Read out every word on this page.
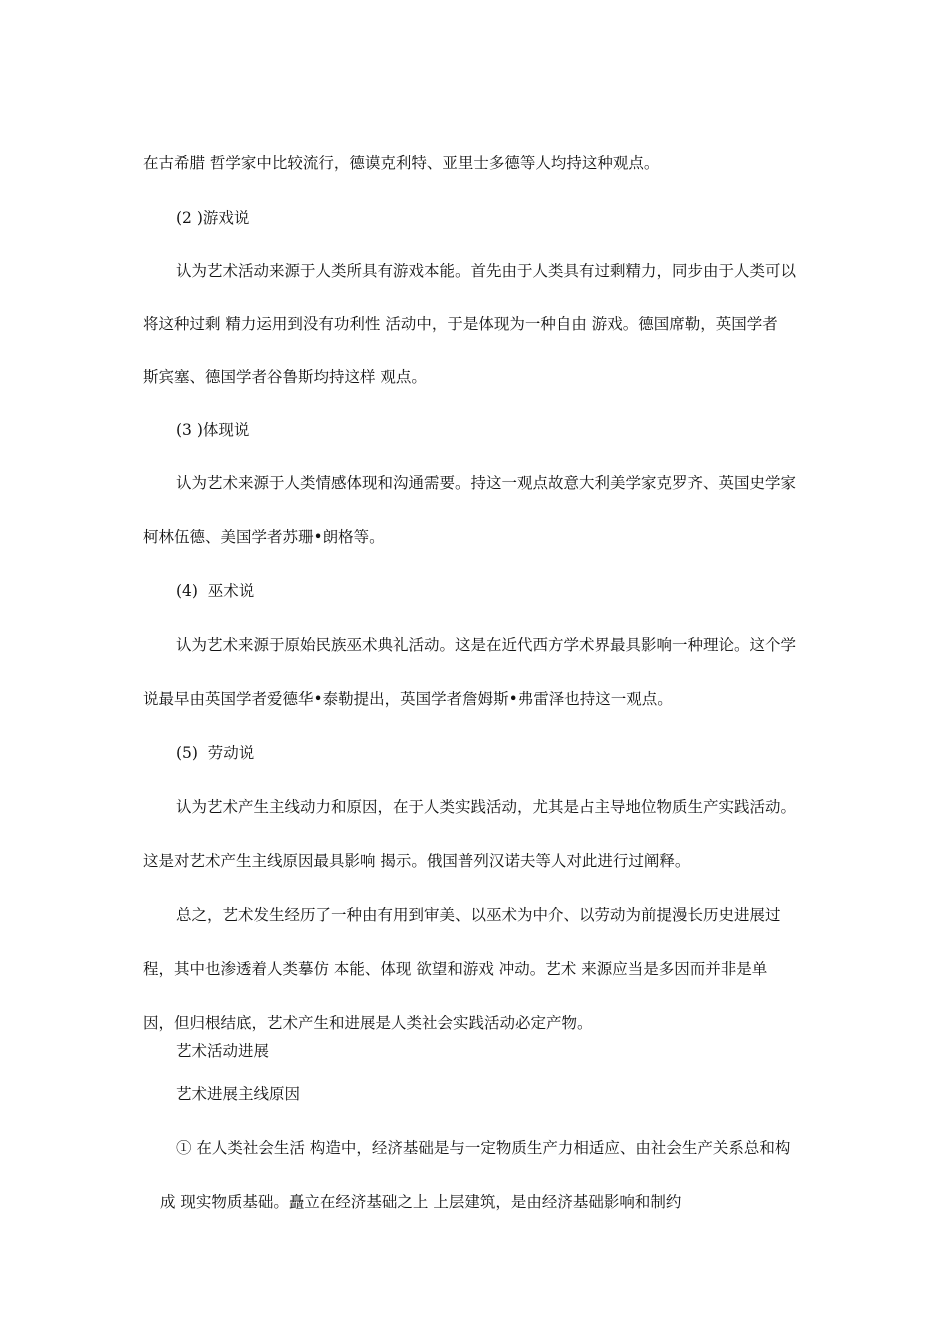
在古希腊 哲学家中比较流行，德谟克利特、亚里士多德等人均持这种观点。

(2 )游戏说

认为艺术活动来源于人类所具有游戏本能。首先由于人类具有过剩精力，同步由于人类可以

将这种过剩 精力运用到没有功利性 活动中，于是体现为一种自由 游戏。德国席勒，英国学者

斯宾塞、德国学者谷鲁斯均持这样 观点。

(3 )体现说

认为艺术来源于人类情感体现和沟通需要。持这一观点故意大利美学家克罗齐、英国史学家

柯林伍德、美国学者苏珊•朗格等。

(4)  巫术说

认为艺术来源于原始民族巫术典礼活动。这是在近代西方学术界最具影响一种理论。这个学

说最早由英国学者爱德华•泰勒提出，英国学者詹姆斯•弗雷泽也持这一观点。

(5)  劳动说

认为艺术产生主线动力和原因，在于人类实践活动，尤其是占主导地位物质生产实践活动。

这是对艺术产生主线原因最具影响 揭示。俄国普列汉诺夫等人对此进行过阐释。

总之，艺术发生经历了一种由有用到审美、以巫术为中介、以劳动为前提漫长历史进展过

程，其中也渗透着人类摹仿 本能、体现 欲望和游戏 冲动。艺术 来源应当是多因而并非是单

因，但归根结底，艺术产生和进展是人类社会实践活动必定产物。

艺术活动进展

艺术进展主线原因

① 在人类社会生活 构造中，经济基础是与一定物质生产力相适应、由社会生产关系总和构

成 现实物质基础。矗立在经济基础之上 上层建筑，是由经济基础影响和制约
